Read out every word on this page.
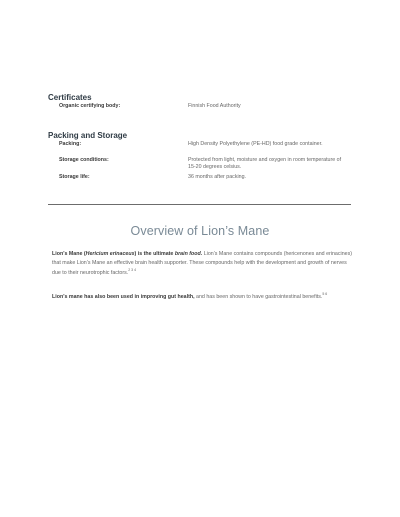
Certificates
Organic certifying body:	Finnish Food Authority
Packing and Storage
Packing:	High Density Polyethylene (PE-HD) food grade container.
Storage conditions:	Protected from light, moisture and oxygen in room temperature of 15-20 degrees celsius.
Storage life:	36 months after packing.
Overview of Lion’s Mane
Lion’s Mane (Hericium erinaceus) is the ultimate brain food. Lion’s Mane contains compounds (hericenones and erinacines) that make Lion’s Mane an effective brain health supporter. These compounds help with the development and growth of nerves due to their neurotrophic factors.$^{2 3 4}$
Lion’s mane has also been used in improving gut health, and has been shown to have gastrointestinal benefits.$^{5 6}$
